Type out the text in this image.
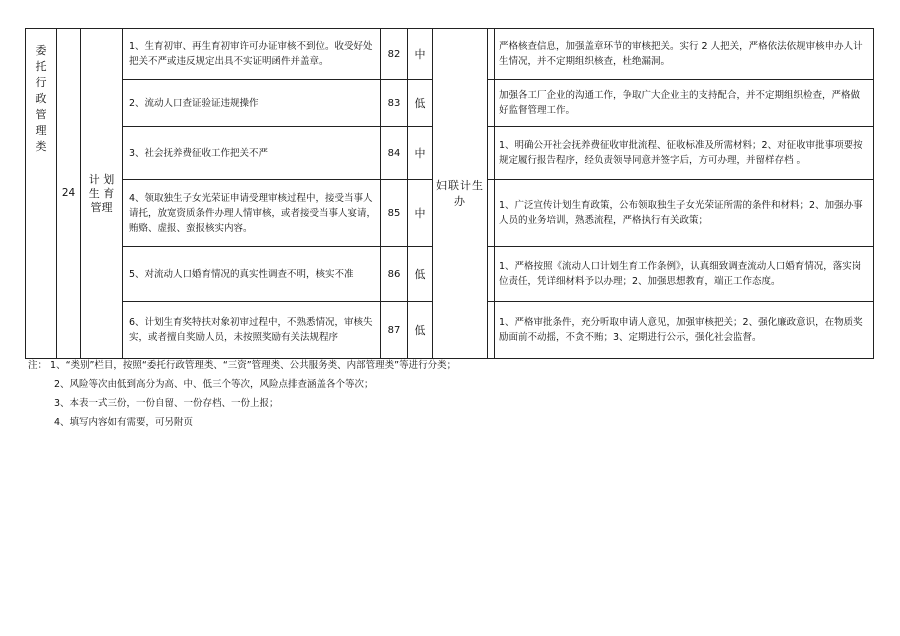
委托行政管理类	24	计 划 生 育 管理	1、生育初审、再生育初审许可办证审核不到位。收受好处把关不严或违反规定出具不实证明函件并盖章。	82	中	妇联计生办	严格核查信息，加强盖章环节的审核把关。实行 2 人把关，严格依法依规审核申办人计生情况，并不定期组织核查，杜绝漏洞。

			2、流动人口查证验证违规操作	83	低		加强各工厂企业的沟通工作，争取广大企业主的支持配合，并不定期组织检查，严格做好监督管理工作。

			3、社会抚养费征收工作把关不严	84	中		1、明确公开社会抚养费征收审批流程、征收标准及所需材料；2、对征收审批事项要按规定履行报告程序，经负责领导同意并签字后，方可办理，并留样存档 。

			4、领取独生子女光荣证申请受理审核过程中，接受当事人请托，放宽资质条件办理人情审核，或者接受当事人宴请，贿赂、虚报、蛮报核实内容。	85	中		1、广泛宣传计划生育政策，公布领取独生子女光荣证所需的条件和材料；2、加强办事人员的业务培训，熟悉流程，严格执行有关政策；

			5、对流动人口婚育情况的真实性调查不明，核实不准	86	低		1、严格按照《流动人口计划生育工作条例》，认真细致调查流动人口婚育情况，落实岗位责任，凭详细材料予以办理；2、加强思想教育，端正工作态度。

			6、计划生育奖特扶对象初审过程中，不熟悉情况，审核失实，或者擅自奖励人员，未按照奖励有关法规程序	87	低		1、严格审批条件，充分听取申请人意见，加强审核把关；2、强化廉政意识，在物质奖励面前不动摇，不贪不贿；3、定期进行公示，强化社会监督。
注： 1、“类别”栏目，按照“委托行政管理类、“三资”管理类、公共服务类、内部管理类”等进行分类；
2、风险等次由低到高分为高、中、低三个等次，风险点排查涵盖各个等次；
3、本表一式三份，一份自留、一份存档、一份上报；
4、填写内容如有需要，可另附页
